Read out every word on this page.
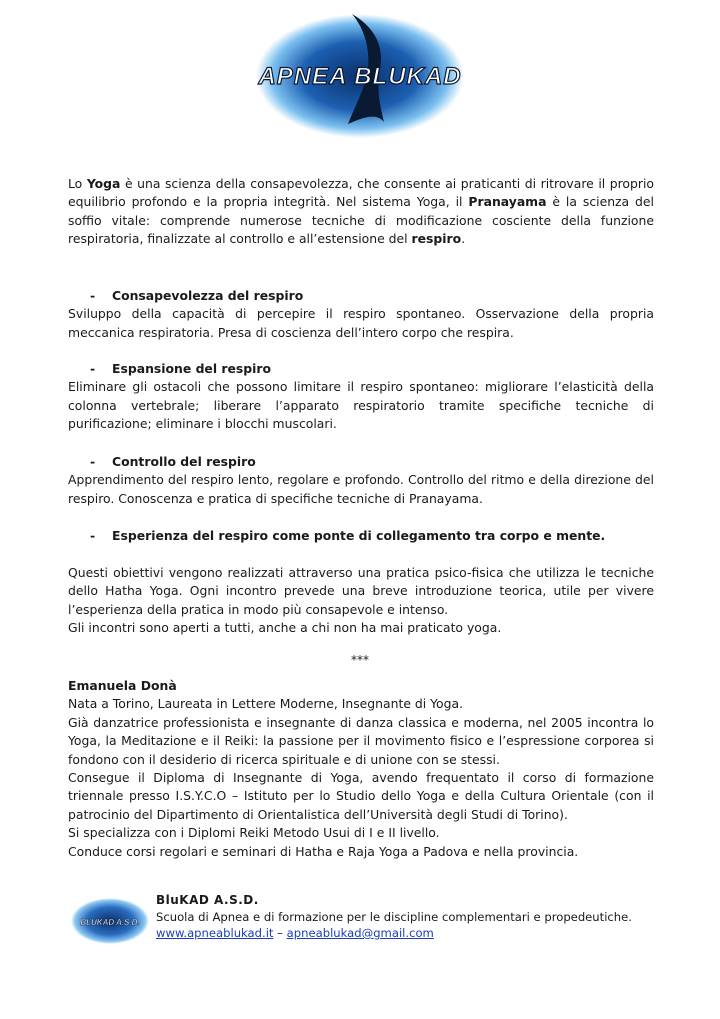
APNEA BLUKAD
Lo Yoga è una scienza della consapevolezza, che consente ai praticanti di ritrovare il proprio equilibrio profondo e la propria integrità. Nel sistema Yoga, il Pranayama è la scienza del soffio vitale: comprende numerose tecniche di modificazione cosciente della funzione respiratoria, finalizzate al controllo e all’estensione del respiro.
- Consapevolezza del respiro

Sviluppo della capacità di percepire il respiro spontaneo. Osservazione della propria meccanica respiratoria. Presa di coscienza dell’intero corpo che respira.

- Espansione del respiro

Eliminare gli ostacoli che possono limitare il respiro spontaneo: migliorare l’elasticità della colonna vertebrale; liberare l’apparato respiratorio tramite specifiche tecniche di purificazione; eliminare i blocchi muscolari.

- Controllo del respiro

Apprendimento del respiro lento, regolare e profondo. Controllo del ritmo e della direzione del respiro. Conoscenza e pratica di specifiche tecniche di Pranayama.

- Esperienza del respiro come ponte di collegamento tra corpo e mente.

Questi obiettivi vengono realizzati attraverso una pratica psico-fisica che utilizza le tecniche dello Hatha Yoga. Ogni incontro prevede una breve introduzione teorica, utile per vivere l’esperienza della pratica in modo più consapevole e intenso.

Gli incontri sono aperti a tutti, anche a chi non ha mai praticato yoga.

***

Emanuela Donà

Nata a Torino, Laureata in Lettere Moderne, Insegnante di Yoga.

Già danzatrice professionista e insegnante di danza classica e moderna, nel 2005 incontra lo Yoga, la Meditazione e il Reiki: la passione per il movimento fisico e l’espressione corporea si fondono con il desiderio di ricerca spirituale e di unione con se stessi.

Consegue il Diploma di Insegnante di Yoga, avendo frequentato il corso di formazione triennale presso I.S.Y.C.O – Istituto per lo Studio dello Yoga e della Cultura Orientale (con il patrocinio del Dipartimento di Orientalistica dell’Università degli Studi di Torino).

Si specializza con i Diplomi Reiki Metodo Usui di I e II livello.

Conduce corsi regolari e seminari di Hatha e Raja Yoga a Padova e nella provincia.

BLUKAD A.S.D.
BluKAD A.S.D.
Scuola di Apnea e di formazione per le discipline complementari e propedeutiche.
www.apneablukad.it – apneablukad@gmail.com
